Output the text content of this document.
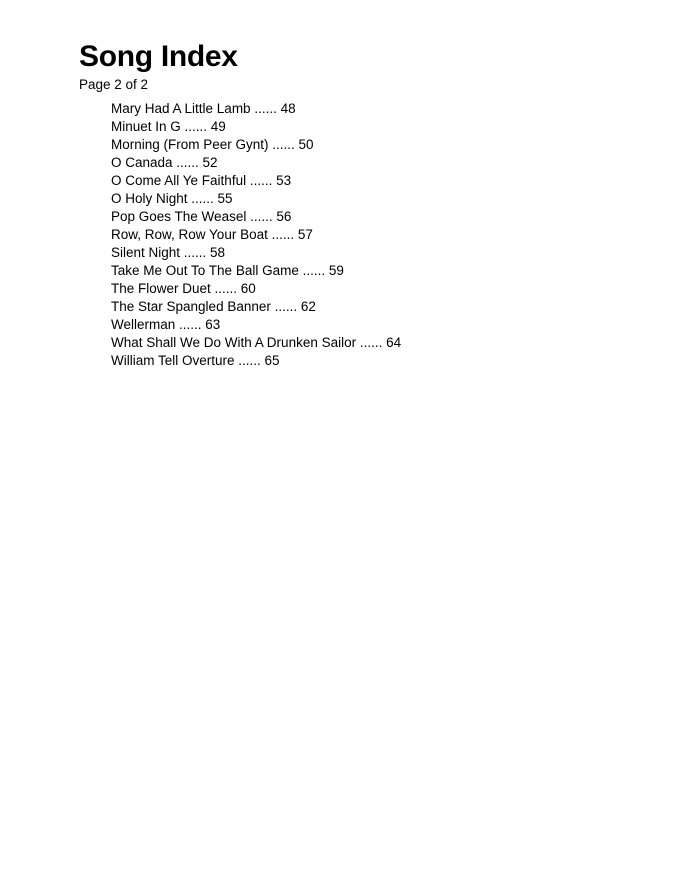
Song Index

Page 2 of 2

Mary Had A Little Lamb ...... 48
Minuet In G ...... 49
Morning (From Peer Gynt) ...... 50
O Canada ...... 52
O Come All Ye Faithful ...... 53
O Holy Night ...... 55
Pop Goes The Weasel ...... 56
Row, Row, Row Your Boat ...... 57
Silent Night ...... 58
Take Me Out To The Ball Game ...... 59
The Flower Duet ...... 60
The Star Spangled Banner ...... 62
Wellerman ...... 63
What Shall We Do With A Drunken Sailor ...... 64
William Tell Overture ...... 65
